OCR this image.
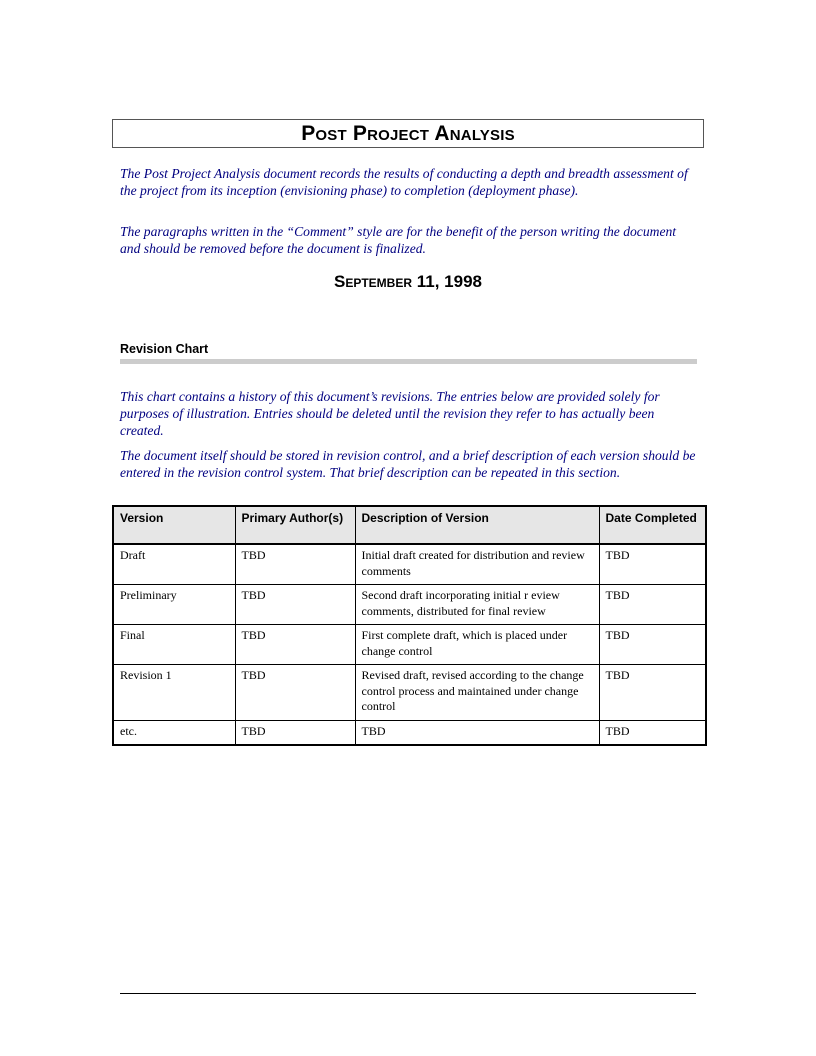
Post Project Analysis

The Post Project Analysis document records the results of conducting a depth and breadth assessment of the project from its inception (envisioning phase) to completion (deployment phase).

The paragraphs written in the “Comment” style are for the benefit of the person writing the document and should be removed before the document is finalized.

September 11, 1998
Revision Chart

This chart contains a history of this document’s revisions. The entries below are provided solely for purposes of illustration. Entries should be deleted until the revision they refer to has actually been created.

The document itself should be stored in revision control, and a brief description of each version should be entered in the revision control system. That brief description can be repeated in this section.

Version	Primary Author(s)	Description of Version	Date Completed
Draft	TBD	Initial draft created for distribution and review comments	TBD
Preliminary	TBD	Second draft incorporating initial r eview comments, distributed for final review	TBD
Final	TBD	First complete draft, which is placed under change control	TBD
Revision 1	TBD	Revised draft, revised according to the change control process and maintained under change control	TBD
etc.	TBD	TBD	TBD
